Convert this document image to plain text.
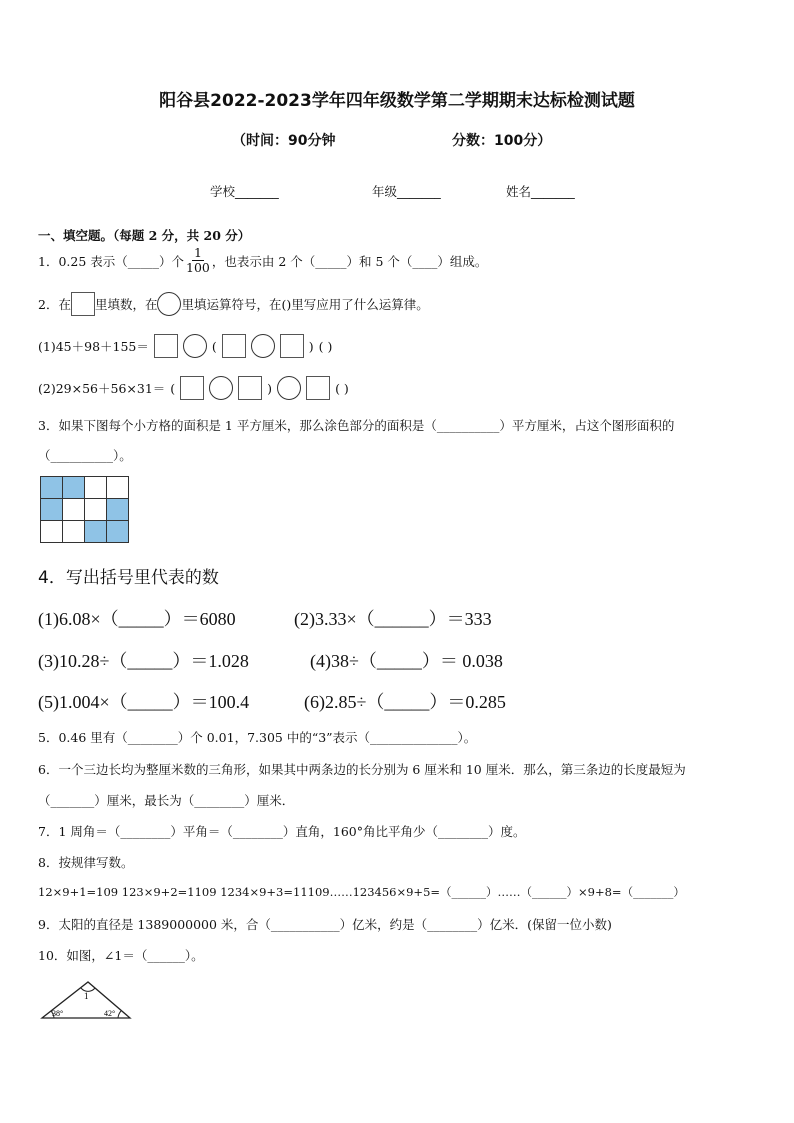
阳谷县2022-2023学年四年级数学第二学期期末达标检测试题
（时间：90分钟	分数：100分）
学校_______	年级_______	姓名_______
一、填空题。（每题 2 分，共 20 分）
1．0.25 表示（_____）个 $\frac{1}{100}$ ，也表示由 2 个（_____）和 5 个（____）组成。
2．在 里填数，在 里填运算符号，在( )里写应用了什么运算律。
(1)45＋98＋155＝	(	) ( )
(2)29×56＋56×31＝ (	)	( )
3．如果下图每个小方格的面积是 1 平方厘米，那么涂色部分的面积是（__________）平方厘米，占这个图形面积的
（__________）。
4．写出括号里代表的数
(1)6.08×（_____）＝6080	(2)3.33×（______）＝333
(3)10.28÷（_____）＝1.028	(4)38÷（_____）＝ 0.038
(5)1.004×（_____）＝100.4	(6)2.85÷（_____）＝0.285
5．0.46 里有（________）个 0.01，7.305 中的“3”表示（______________）。
6．一个三边长均为整厘米数的三角形，如果其中两条边的长分别为 6 厘米和 10 厘米．那么，第三条边的长度最短为
（_______）厘米，最长为（________）厘米．
7．1 周角＝（________）平角＝（________）直角，160°角比平角少（________）度。
8．按规律写数。
12×9+1=109 123×9+2=1109 1234×9+3=11109……123456×9+5=（______）……（______）×9+8=（_______）
9．太阳的直径是 1389000000 米，合（___________）亿米，约是（________）亿米．(保留一位小数)
10．如图，∠1＝（______）。
1
38°	42°
